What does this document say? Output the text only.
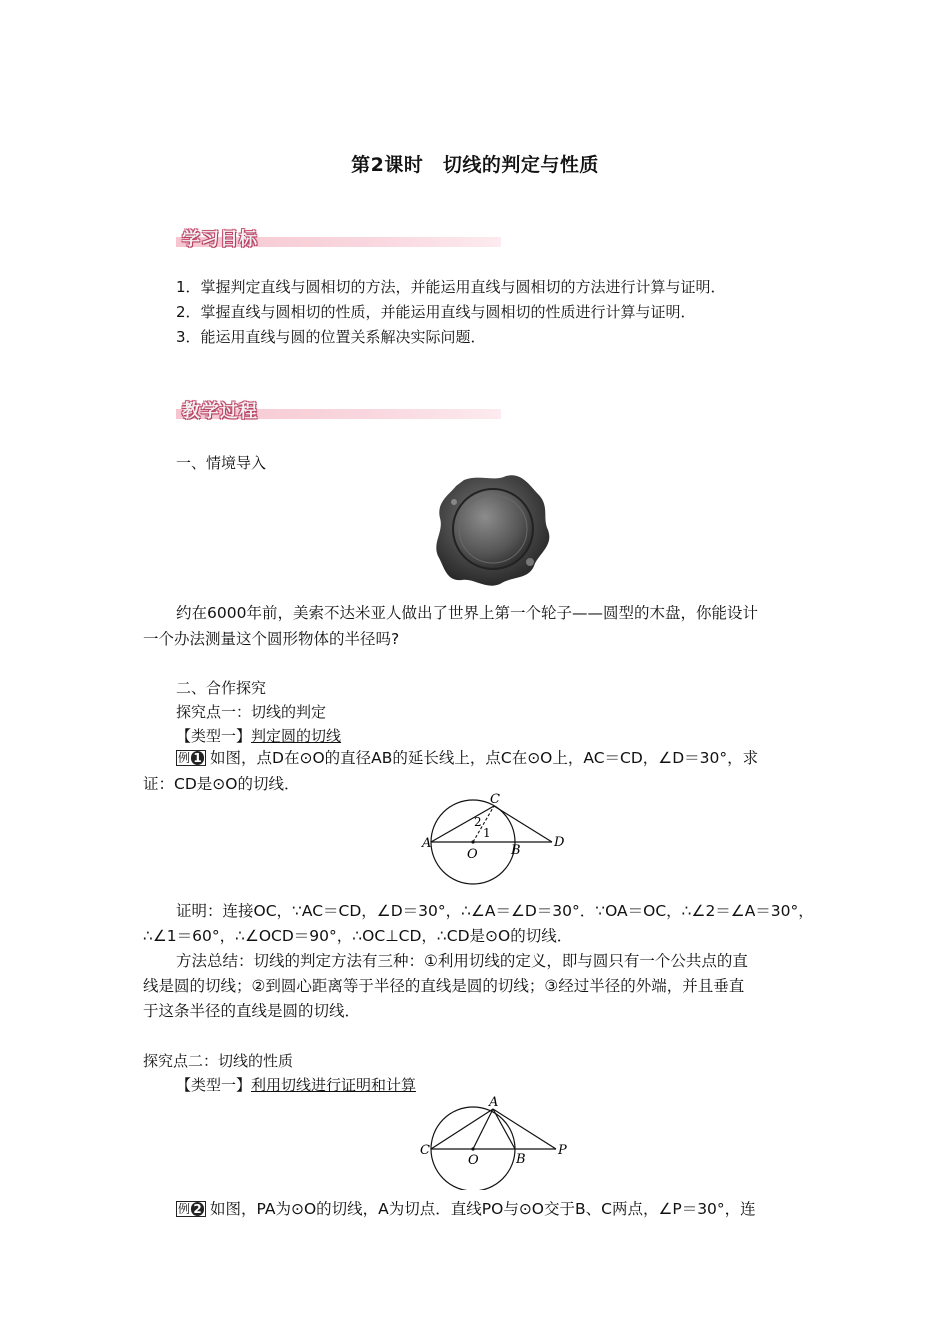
第2课时　切线的判定与性质
学习目标
1．掌握判定直线与圆相切的方法，并能运用直线与圆相切的方法进行计算与证明．
2．掌握直线与圆相切的性质，并能运用直线与圆相切的性质进行计算与证明．
3．能运用直线与圆的位置关系解决实际问题．
教学过程
一、情境导入
约在6000年前，美索不达米亚人做出了世界上第一个轮子——圆型的木盘，你能设计
一个办法测量这个圆形物体的半径吗?
二、合作探究
探究点一：切线的判定
【类型一】判定圆的切线
例 1 如图，点D在⊙O的直径AB的延长线上，点C在⊙O上，AC＝CD，∠D＝30°，求
证：CD是⊙O的切线．
A	B
C
D
O
1
2
证明：连接OC，∵AC＝CD，∠D＝30°，∴∠A＝∠D＝30°．∵OA＝OC，∴∠2＝∠A＝30°，
∴∠1＝60°，∴∠OCD＝90°，∴OC⊥CD，∴CD是⊙O的切线．
方法总结：切线的判定方法有三种：①利用切线的定义，即与圆只有一个公共点的直
线是圆的切线；②到圆心距离等于半径的直线是圆的切线；③经过半径的外端，并且垂直
于这条半径的直线是圆的切线．
探究点二：切线的性质
【类型一】利用切线进行证明和计算
A
B
C
O
P
例 2 如图，PA为⊙O的切线，A为切点．直线PO与⊙O交于B、C两点，∠P＝30°，连
